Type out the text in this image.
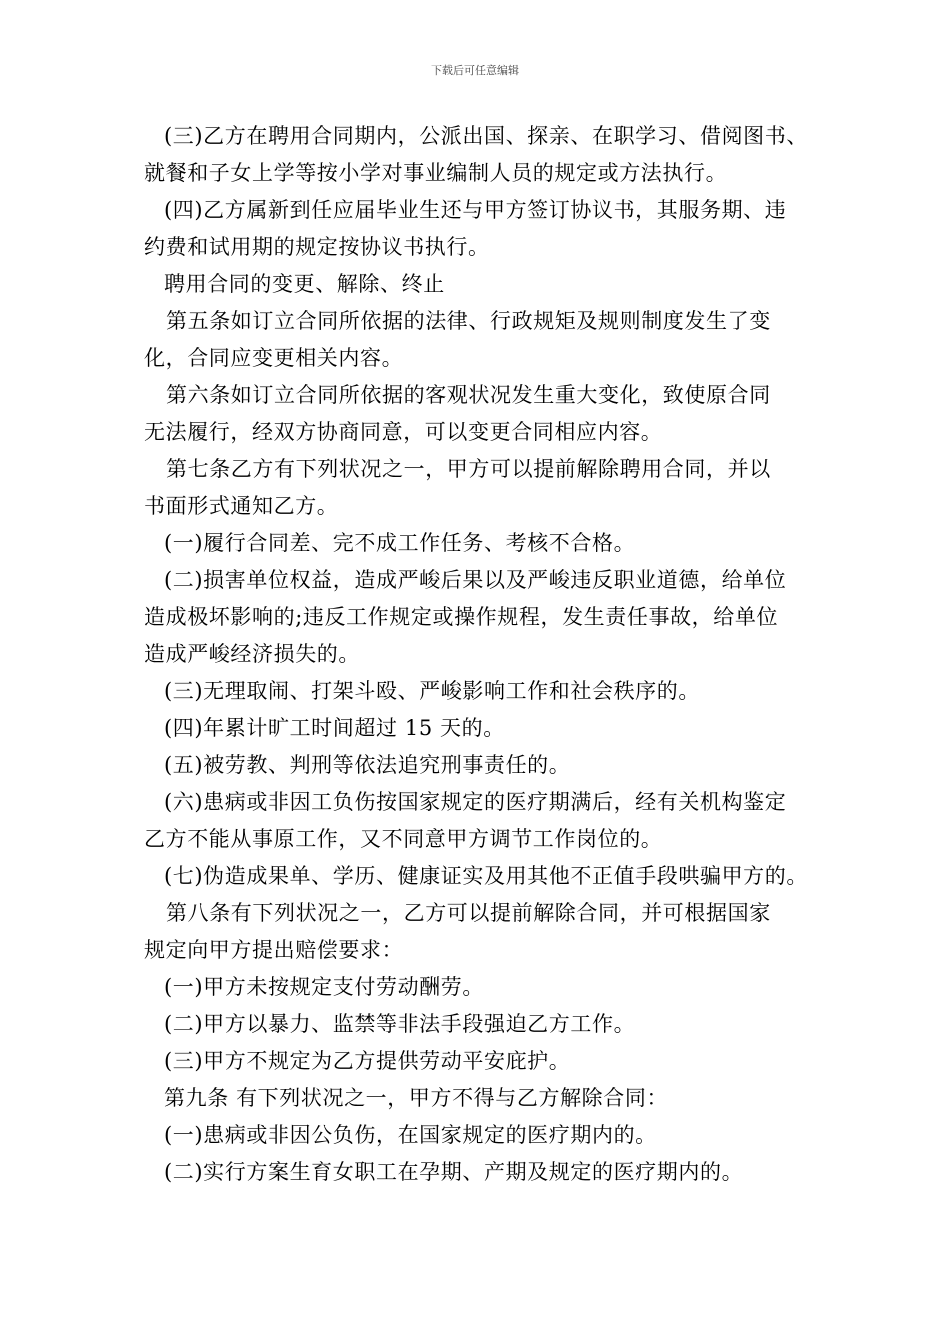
下载后可任意编辑
(三)乙方在聘用合同期内，公派出国、探亲、在职学习、借阅图书、
就餐和子女上学等按小学对事业编制人员的规定或方法执行。
(四)乙方属新到任应届毕业生还与甲方签订协议书，其服务期、违
约费和试用期的规定按协议书执行。
聘用合同的变更、解除、终止
第五条如订立合同所依据的法律、行政规矩及规则制度发生了变
化，合同应变更相关内容。
第六条如订立合同所依据的客观状况发生重大变化，致使原合同
无法履行，经双方协商同意，可以变更合同相应内容。
第七条乙方有下列状况之一，甲方可以提前解除聘用合同，并以
书面形式通知乙方。
(一)履行合同差、完不成工作任务、考核不合格。
(二)损害单位权益，造成严峻后果以及严峻违反职业道德，给单位
造成极坏影响的;违反工作规定或操作规程，发生责任事故，给单位
造成严峻经济损失的。
(三)无理取闹、打架斗殴、严峻影响工作和社会秩序的。
(四)年累计旷工时间超过 15 天的。
(五)被劳教、判刑等依法追究刑事责任的。
(六)患病或非因工负伤按国家规定的医疗期满后，经有关机构鉴定
乙方不能从事原工作，又不同意甲方调节工作岗位的。
(七)伪造成果单、学历、健康证实及用其他不正值手段哄骗甲方的。
第八条有下列状况之一，乙方可以提前解除合同，并可根据国家
规定向甲方提出赔偿要求：
(一)甲方未按规定支付劳动酬劳。
(二)甲方以暴力、监禁等非法手段强迫乙方工作。
(三)甲方不规定为乙方提供劳动平安庇护。
第九条 有下列状况之一，甲方不得与乙方解除合同：
(一)患病或非因公负伤，在国家规定的医疗期内的。
(二)实行方案生育女职工在孕期、产期及规定的医疗期内的。
